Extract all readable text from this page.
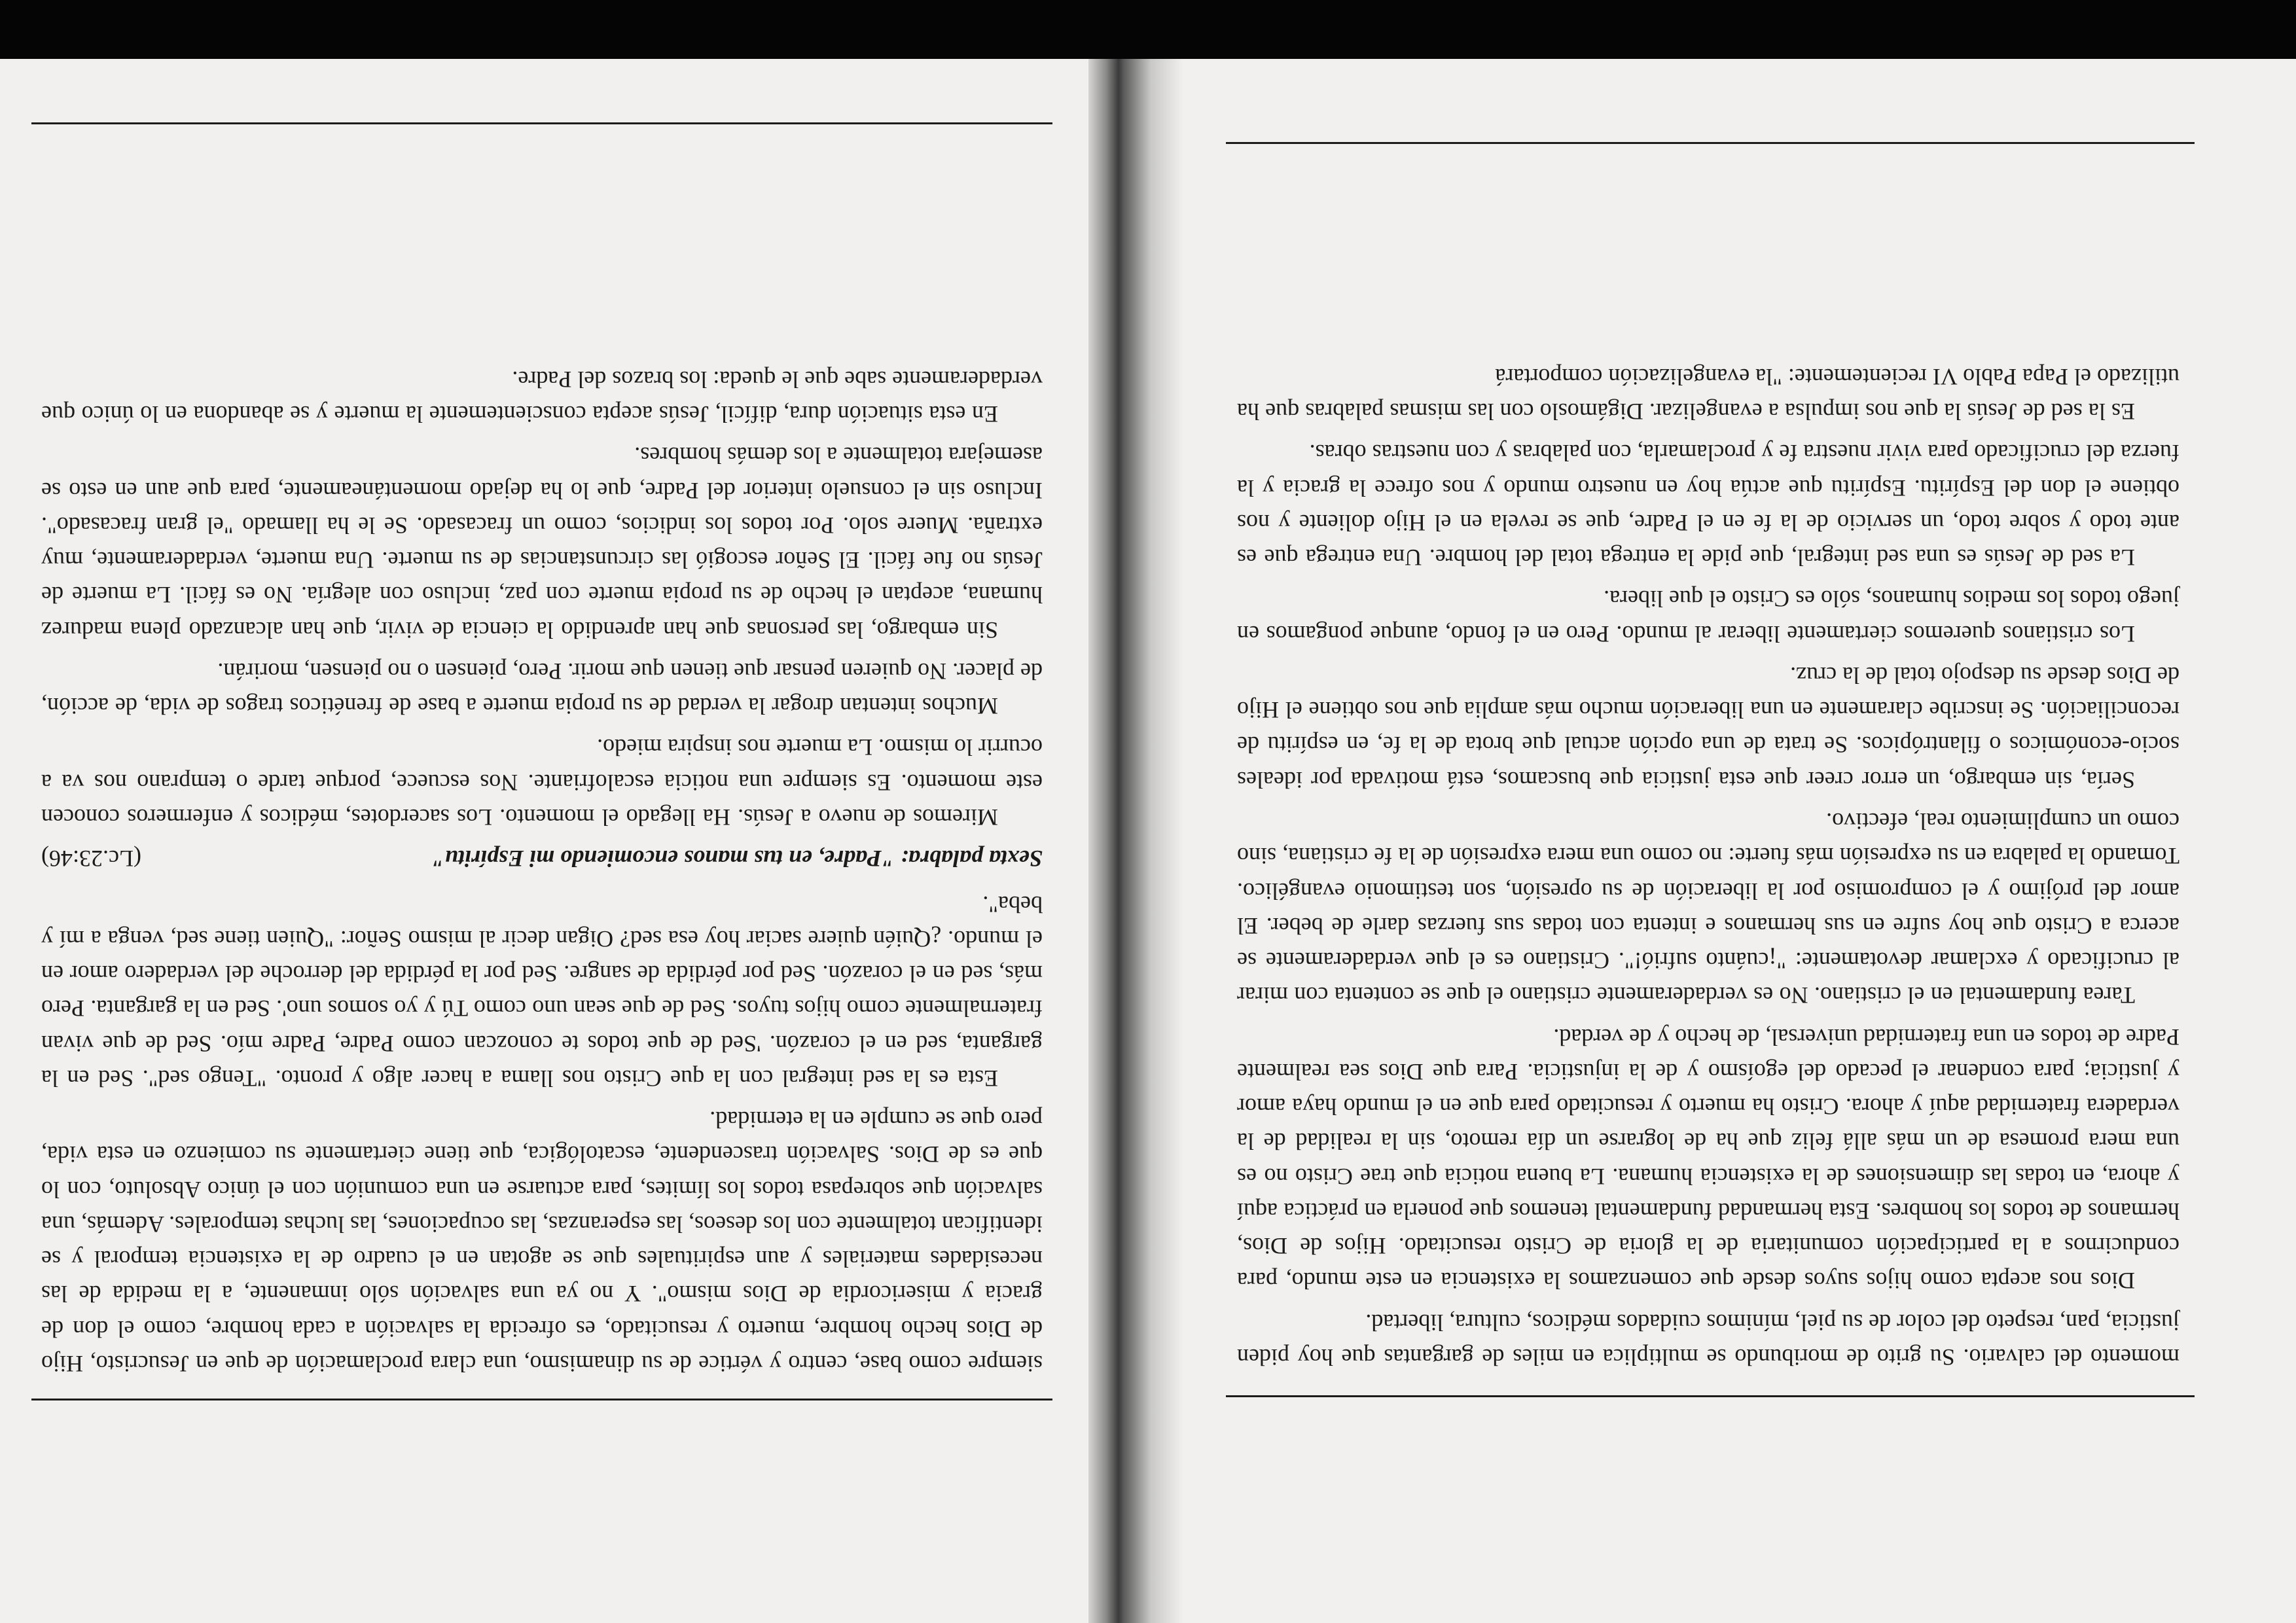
momento del calvario. Su grito de moribundo se multiplica en miles de gargantas que hoy piden justicia, pan, respeto del color de su piel, mínimos cuidados médicos, cultura, libertad.

Dios nos acepta como hijos suyos desde que comenzamos la existencia en este mundo, para conducirnos a la participación comunitaria de la gloria de Cristo resucitado. Hijos de Dios, hermanos de todos los hombres. Esta hermandad fundamental tenemos que ponerla en práctica aquí y ahora, en todas las dimensiones de la existencia humana. La buena noticia que trae Cristo no es una mera promesa de un más allá feliz que ha de lograrse un día remoto, sin la realidad de la verdadera fraternidad aquí y ahora. Cristo ha muerto y resucitado para que en el mundo haya amor y justicia; para condenar el pecado del egoísmo y de la injusticia. Para que Dios sea realmente Padre de todos en una fraternidad universal, de hecho y de verdad.

Tarea fundamental en el cristiano. No es verdaderamente cristiano el que se contenta con mirar al crucificado y exclamar devotamente: "¡cuánto sufrió!". Cristiano es el que verdaderamente se acerca a Cristo que hoy sufre en sus hermanos e intenta con todas sus fuerzas darle de beber. El amor del prójimo y el compromiso por la liberación de su opresión, son testimonio evangélico. Tomando la palabra en su expresión más fuerte: no como una mera expresión de la fe cristiana, sino como un cumplimiento real, efectivo.

Sería, sin embargo, un error creer que esta justicia que buscamos, está motivada por ideales socio-económicos o filantrópicos. Se trata de una opción actual que brota de la fe, en espíritu de reconciliación. Se inscribe claramente en una liberación mucho más amplia que nos obtiene el Hijo de Dios desde su despojo total de la cruz.

Los cristianos queremos ciertamente liberar al mundo. Pero en el fondo, aunque pongamos en juego todos los medios humanos, sólo es Cristo el que libera.

La sed de Jesús es una sed integral, que pide la entrega total del hombre. Una entrega que es ante todo y sobre todo, un servicio de la fe en el Padre, que se revela en el Hijo doliente y nos obtiene el don del Espíritu. Espíritu que actúa hoy en nuestro mundo y nos ofrece la gracia y la fuerza del crucificado para vivir nuestra fe y proclamarla, con palabras y con nuestras obras.

Es la sed de Jesús la que nos impulsa a evangelizar. Digámoslo con las mismas palabras que ha utilizado el Papa Pablo VI recientemente: "la evangelización comportará

siempre como base, centro y vértice de su dinamismo, una clara proclamación de que en Jesucristo, Hijo de Dios hecho hombre, muerto y resucitado, es ofrecida la salvación a cada hombre, como el don de gracia y misericordia de Dios mismo". Y no ya una salvación sólo inmanente, a la medida de las necesidades materiales y aun espirituales que se agotan en el cuadro de la existencia temporal y se identifican totalmente con los deseos, las esperanzas, las ocupaciones, las luchas temporales. Además, una salvación que sobrepasa todos los límites, para actuarse en una comunión con el único Absoluto, con lo que es de Dios. Salvación trascendente, escatológica, que tiene ciertamente su comienzo en esta vida, pero que se cumple en la eternidad.

Esta es la sed integral con la que Cristo nos llama a hacer algo y pronto. "Tengo sed". Sed en la garganta, sed en el corazón. 'Sed de que todos te conozcan como Padre, Padre mío. Sed de que vivan fraternalmente como hijos tuyos. Sed de que sean uno como Tú y yo somos uno'. Sed en la garganta. Pero más, sed en el corazón. Sed por pérdida de sangre. Sed por la pérdida del derroche del verdadero amor en el mundo. ¿Quién quiere saciar hoy esa sed? Oigan decir al mismo Señor: "Quien tiene sed, venga a mí y beba".

Sexta palabra: "Padre, en tus manos encomiendo mi Espíritu"
(Lc.23:46)

Miremos de nuevo a Jesús. Ha llegado el momento. Los sacerdotes, médicos y enfermeros conocen este momento. Es siempre una noticia escalofriante. Nos escuece, porque tarde o temprano nos va a ocurrir lo mismo. La muerte nos inspira miedo.

Muchos intentan drogar la verdad de su propia muerte a base de frenéticos tragos de vida, de acción, de placer. No quieren pensar que tienen que morir. Pero, piensen o no piensen, morirán.

Sin embargo, las personas que han aprendido la ciencia de vivir, que han alcanzado plena madurez humana, aceptan el hecho de su propia muerte con paz, incluso con alegría. No es fácil. La muerte de Jesús no fue fácil. El Señor escogió las circunstancias de su muerte. Una muerte, verdaderamente, muy extraña. Muere solo. Por todos los indicios, como un fracasado. Se le ha llamado "el gran fracasado". Incluso sin el consuelo interior del Padre, que lo ha dejado momentáneamente, para que aun en esto se asemejara totalmente a los demás hombres.

En esta situación dura, difícil, Jesús acepta conscientemente la muerte y se abandona en lo único que verdaderamente sabe que le queda: los brazos del Padre.
